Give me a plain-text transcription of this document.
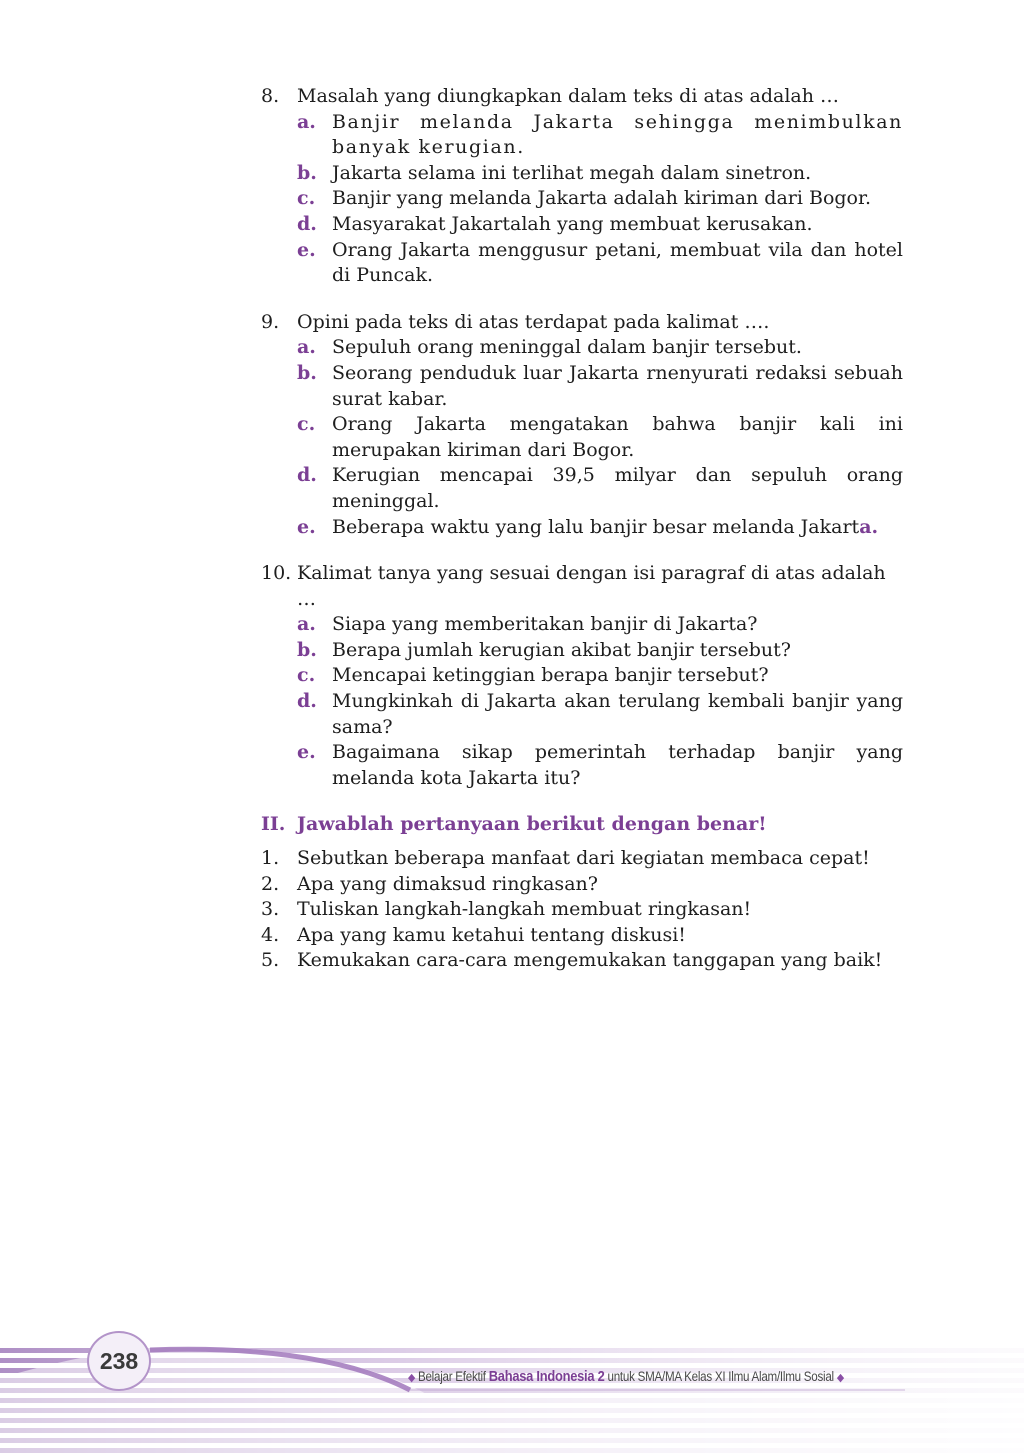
8. Masalah yang diungkapkan dalam teks di atas adalah …
a. Banjir melanda Jakarta sehingga menimbulkan banyak kerugian.
b. Jakarta selama ini terlihat megah dalam sinetron.
c. Banjir yang melanda Jakarta adalah kiriman dari Bogor.
d. Masyarakat Jakartalah yang membuat kerusakan.
e. Orang Jakarta menggusur petani, membuat vila dan hotel di Puncak.
9. Opini pada teks di atas terdapat pada kalimat ….
a. Sepuluh orang meninggal dalam banjir tersebut.
b. Seorang penduduk luar Jakarta rnenyurati redaksi sebuah surat kabar.
c. Orang Jakarta mengatakan bahwa banjir kali ini merupakan kiriman dari Bogor.
d. Kerugian mencapai 39,5 milyar dan sepuluh orang meninggal.
e. Beberapa waktu yang lalu banjir besar melanda Jakarta.
10. Kalimat tanya yang sesuai dengan isi paragraf di atas adalah …
a. Siapa yang memberitakan banjir di Jakarta?
b. Berapa jumlah kerugian akibat banjir tersebut?
c. Mencapai ketinggian berapa banjir tersebut?
d. Mungkinkah di Jakarta akan terulang kembali banjir yang sama?
e. Bagaimana sikap pemerintah terhadap banjir yang melanda kota Jakarta itu?
II. Jawablah pertanyaan berikut dengan benar!
1. Sebutkan beberapa manfaat dari kegiatan membaca cepat!
2. Apa yang dimaksud ringkasan?
3. Tuliskan langkah-langkah membuat ringkasan!
4. Apa yang kamu ketahui tentang diskusi!
5. Kemukakan cara-cara mengemukakan tanggapan yang baik!
238
◆ Belajar Efektif Bahasa Indonesia 2 untuk SMA/MA Kelas XI Ilmu Alam/Ilmu Sosial ◆
